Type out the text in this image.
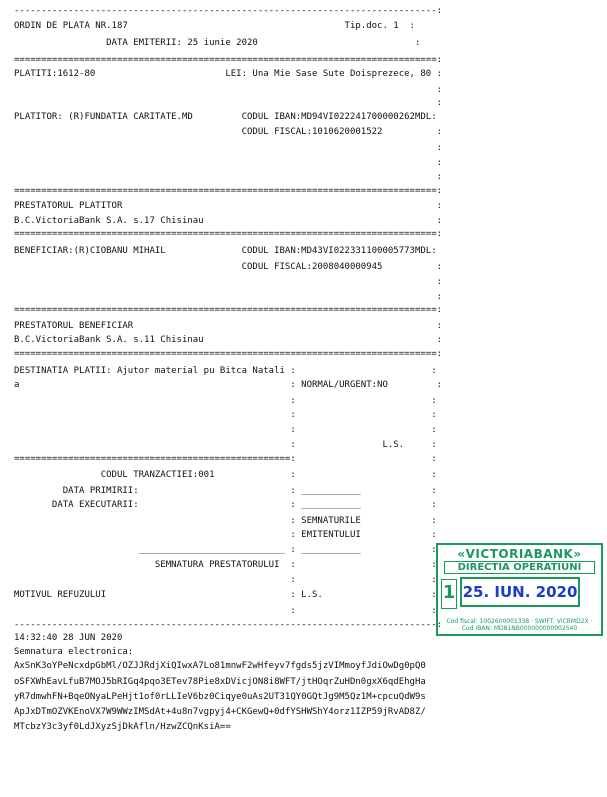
------------------------------------------------------------------------------:
ORDIN DE PLATA NR.187                                        Tip.doc. 1  :
DATA EMITERII: 25 iunie 2020                             :
==============================================================================:
PLATITI:1612-80                        LEI: Una Mie Sase Sute Doisprezece, 80 :
:
:
PLATITOR: (R)FUNDATIA CARITATE.MD         CODUL IBAN:MD94VI022241700000262MDL:
CODUL FISCAL:1010620001522          :
:
:
:
==============================================================================:
PRESTATORUL PLATITOR                                                          :
B.C.VictoriaBank S.A. s.17 Chisinau                                           :
==============================================================================:
BENEFICIAR:(R)CIOBANU MIHAIL              CODUL IBAN:MD43VI022331100005773MDL:
CODUL FISCAL:2008040000945          :
:
:
==============================================================================:
PRESTATORUL BENEFICIAR                                                        :
B.C.VictoriaBank S.A. s.11 Chisinau                                           :
==============================================================================:
DESTINATIA PLATII: Ajutor material pu Bitca Natali :                         :
a                                                  : NORMAL/URGENT:NO         :
:                         :
:                         :
:                         :
:                L.S.     :
===================================================:                         :
CODUL TRANZACTIEI:001              :                         :
DATA PRIMIRII:                            : ___________             :
DATA EXECUTARII:                            : ___________             :
: SEMNATURILE             :
: EMITENTULUI             :
___________________________ : ___________             :
SEMNATURA PRESTATORULUI  :                         :
:                         :
MOTIVUL REFUZULUI                                  : L.S.                    :
:                         :
------------------------------------------------------------------------------:
14:32:40 28 JUN 2020
Semnatura electronica:
AxSnK3oYPeNcxdpGbMl/OZJJRdjXiQIwxA7Lo81mnwF2wHfeyv7fgds5jzVIMmoyfJdiOwDg0pQ0
oSFXWhEavLfuB7MOJ5bRIGq4pqo3ETev78Pie8xDVicjON8i8WFT/jtHOqrZuHDn0gxX6qdEhgHa
yR7dmwhFN+BqeONyaLPeHjt1of0rLLIeV6bz0Ciqye0uAs2UT31QY0GQtJg9M5Qz1M+cpcuQdW9s
ApJxDTmOZVKEnoVX7W9WWzIMSdAt+4u8n7vgpyj4+CKGewQ+0dfYSHWShY4orz1IZP59jRvAD8Z/
MTcbzY3c3yf0LdJXyzSjDkAfln/HzwZCQnKsiA==
«VICTORIABANK»
DIRECTIA OPERATIUNI
1 25. IUN. 2020
Cod fiscal: 1002600001338 · SWIFT: VICBMD2X · Cod IBAN: MD81NB000000000002540
